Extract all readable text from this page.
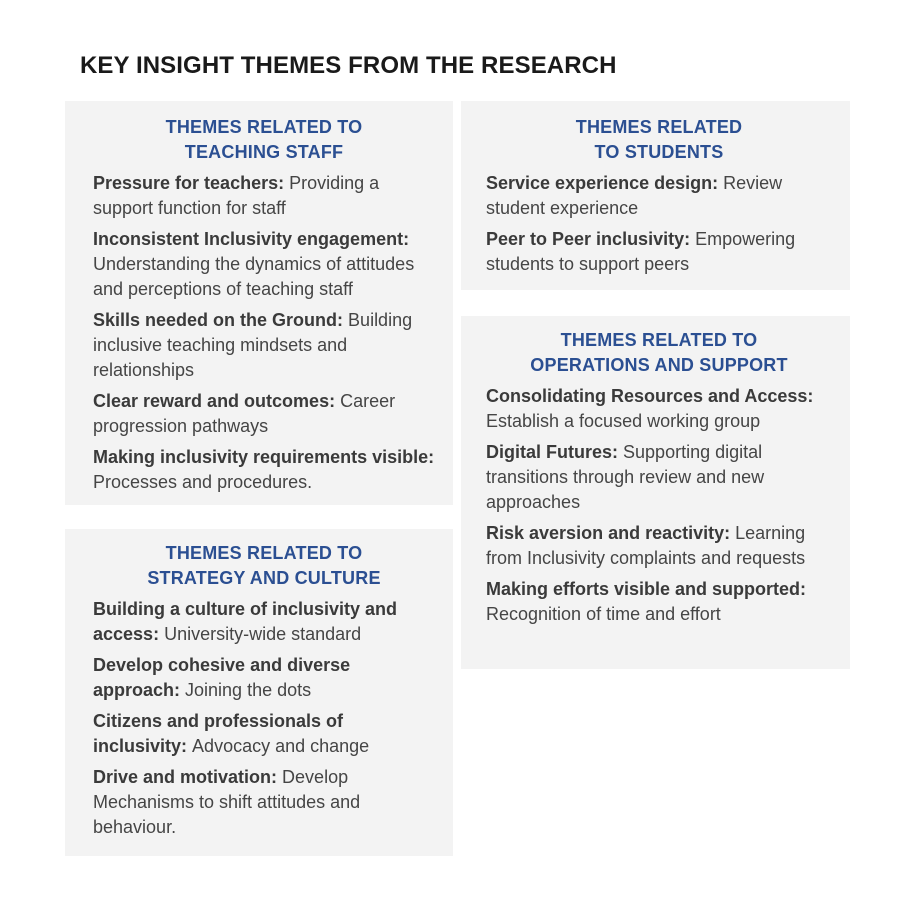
KEY INSIGHT THEMES FROM THE RESEARCH
THEMES RELATED TO
TEACHING STAFF

Pressure for teachers: Providing a support function for staff

Inconsistent Inclusivity engagement:Understanding the dynamics of attitudes and perceptions of teaching staff

Skills needed on the Ground: Building inclusive teaching mindsets and relationships

Clear reward and outcomes: Career progression pathways

Making inclusivity requirements visible:Processes and procedures.

THEMES RELATED TO
STRATEGY AND CULTURE

Building a culture of inclusivity and access: University-wide standard

Develop cohesive and diverse approach: Joining the dots

Citizens and professionals of inclusivity: Advocacy and change

Drive and motivation: Develop Mechanisms to shift attitudes and behaviour.

THEMES RELATED
TO STUDENTS

Service experience design: Review student experience

Peer to Peer inclusivity: Empowering students to support peers

THEMES RELATED TO
OPERATIONS AND SUPPORT

Consolidating Resources and Access:Establish a focused working group

Digital Futures: Supporting digital transitions through review and new approaches

Risk aversion and reactivity: Learning from Inclusivity complaints and requests

Making efforts visible and supported:Recognition of time and effort
